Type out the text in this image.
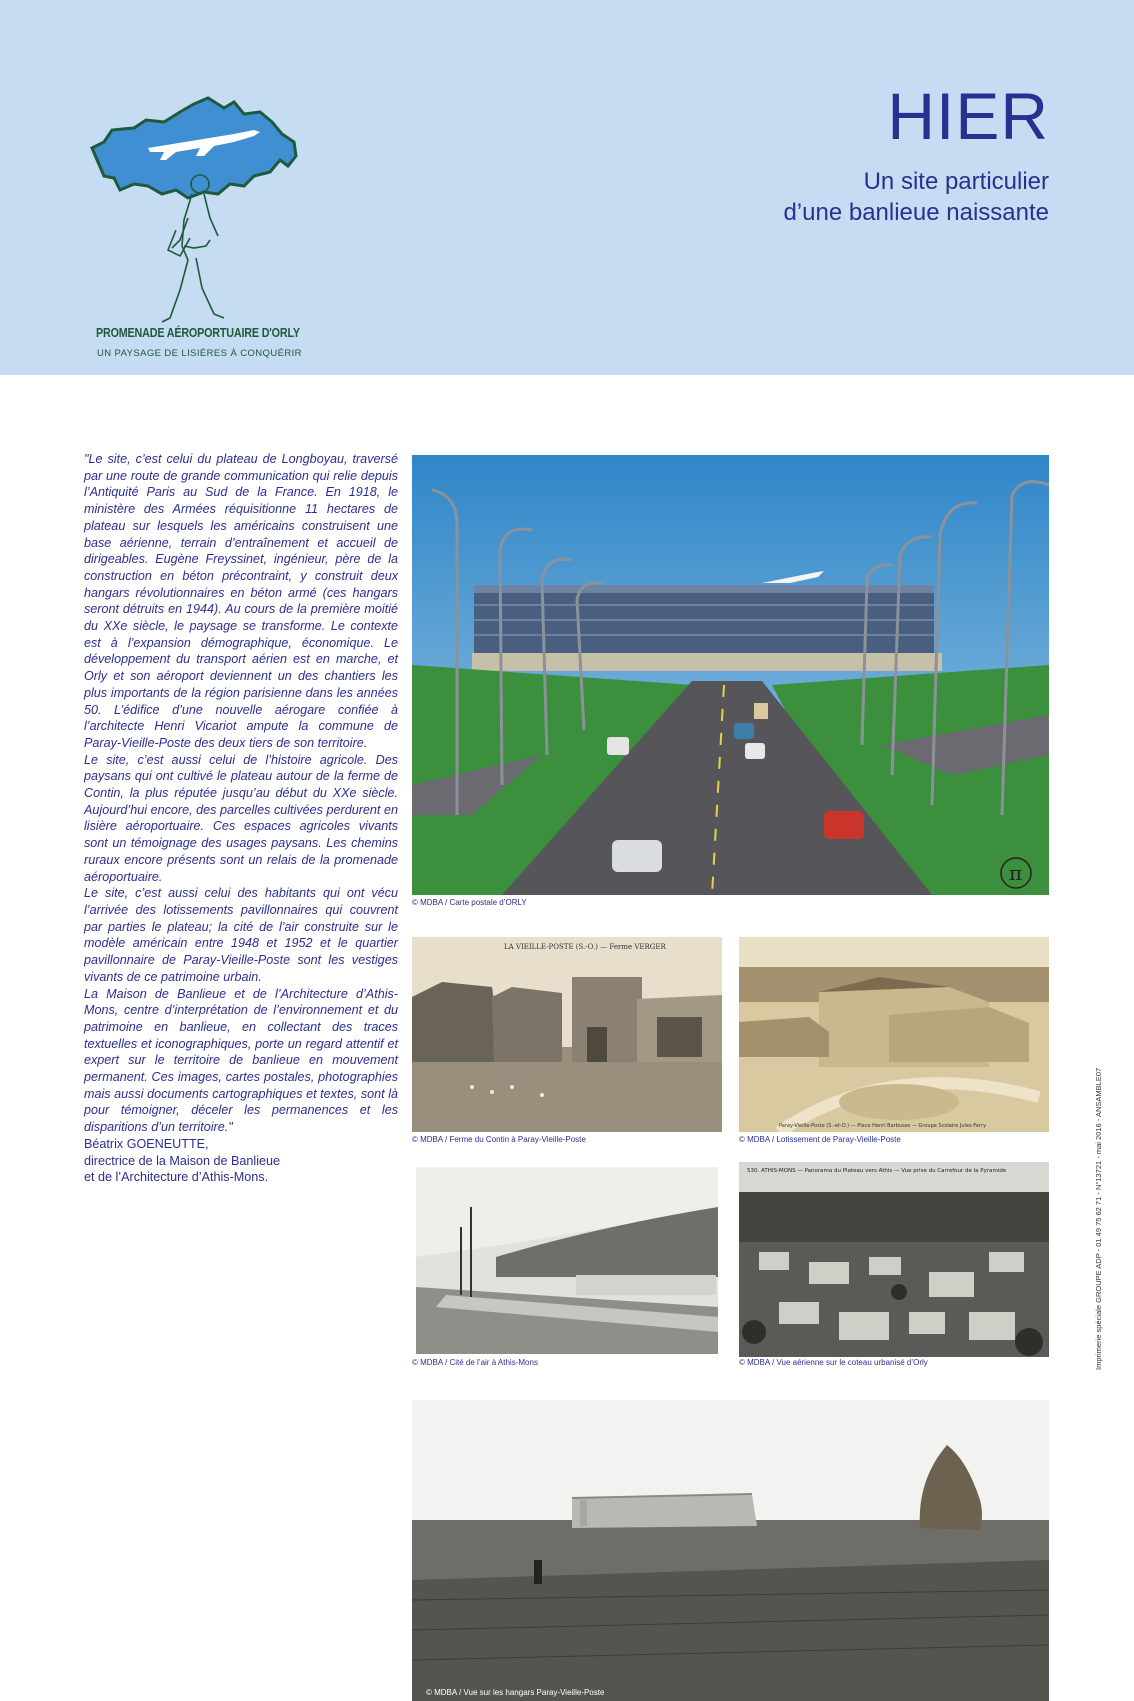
PROMENADE AÉROPORTUAIRE D'ORLY
UN PAYSAGE DE LISIÈRES À CONQUÉRIR
HIER
Un site particulier
d’une banlieue naissante

"Le site, c’est celui du plateau de Longboyau, traversé par une route de grande communication qui relie depuis l’Antiquité Paris au Sud de la France. En 1918, le ministère des Armées réquisitionne 11 hectares de plateau sur lesquels les américains construisent une base aérienne, terrain d’entraînement et accueil de dirigeables. Eugène Freyssinet, ingénieur, père de la construction en béton précontraint, y construit deux hangars révolutionnaires en béton armé (ces hangars seront détruits en 1944). Au cours de la première moitié du XXe siècle, le paysage se transforme. Le contexte est à l’expansion démographique, économique. Le développement du transport aérien est en marche, et Orly et son aéroport deviennent un des chantiers les plus importants de la région parisienne dans les années 50. L’édifice d’une nouvelle aérogare confiée à l’architecte Henri Vicariot ampute la commune de Paray-Vieille-Poste des deux tiers de son territoire.

Le site, c’est aussi celui de l’histoire agricole. Des paysans qui ont cultivé le plateau autour de la ferme de Contin, la plus réputée jusqu’au début du XXe siècle. Aujourd’hui encore, des parcelles cultivées perdurent en lisière aéroportuaire. Ces espaces agricoles vivants sont un témoignage des usages paysans. Les chemins ruraux encore présents sont un relais de la promenade aéroportuaire.

Le site, c’est aussi celui des habitants qui ont vécu l’arrivée des lotissements pavillonnaires qui couvrent par parties le plateau; la cité de l’air construite sur le modèle américain entre 1948 et 1952 et le quartier pavillonnaire de Paray-Vieille-Poste sont les vestiges vivants de ce patrimoine urbain.

La Maison de Banlieue et de l’Architecture d’Athis-Mons, centre d’interprétation de l’environnement et du patrimoine en banlieue, en collectant des traces textuelles et iconographiques, porte un regard attentif et expert sur le territoire de banlieue en mouvement permanent. Ces images, cartes postales, photographies mais aussi documents cartographiques et textes, sont là pour témoigner, déceler les permanences et les disparitions d’un territoire."

Béatrix GOENEUTTE,

directrice de la Maison de Banlieue

et de l’Architecture d’Athis-Mons.

π
© MDBA / Carte postale d’ORLY
LA VIEILLE-POSTE (S.-O.) — Ferme VERGER
© MDBA / Ferme du Contin à Paray-Vieille-Poste
Paray-Vieille-Poste (S.-et-O.) — Place Henri Barbusse — Groupe Scolaire Jules-Ferry
© MDBA / Lotissement de Paray-Vieille-Poste
© MDBA / Cité de l’air à Athis-Mons
530. ATHIS-MONS — Panorama du Plateau vers Athis — Vue prise du Carrefour de la Pyramide
© MDBA / Vue aérienne sur le coteau urbanisé d’Orly
© MDBA / Vue sur les hangars Paray-Vieille-Poste
Imprimerie spéciale GROUPE ADP - 01 49 75 62 71 - N°13721 - mai 2016 - ANSAMBLE07
